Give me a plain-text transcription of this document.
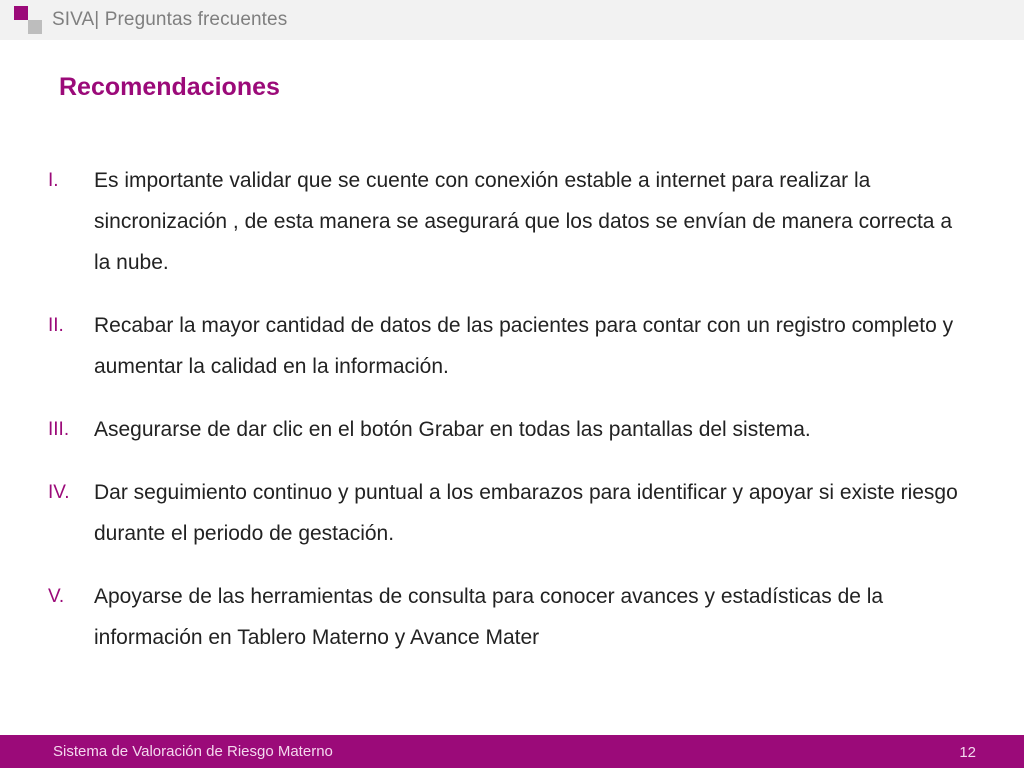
SIVA| Preguntas frecuentes
Recomendaciones
I. Es importante validar que se cuente con conexión estable a internet para realizar la sincronización , de esta manera se asegurará que los datos se envían de manera correcta a la nube.
II. Recabar la mayor cantidad de datos de las pacientes para contar con un registro completo y aumentar la calidad en la información.
III. Asegurarse de dar clic en el botón Grabar en todas las pantallas del sistema.
IV. Dar seguimiento continuo y puntual a los embarazos para identificar y apoyar si existe riesgo durante el periodo de gestación.
V. Apoyarse de las herramientas de consulta para conocer avances y estadísticas de la información en Tablero Materno y Avance Mater
Sistema de Valoración de Riesgo Materno	12
